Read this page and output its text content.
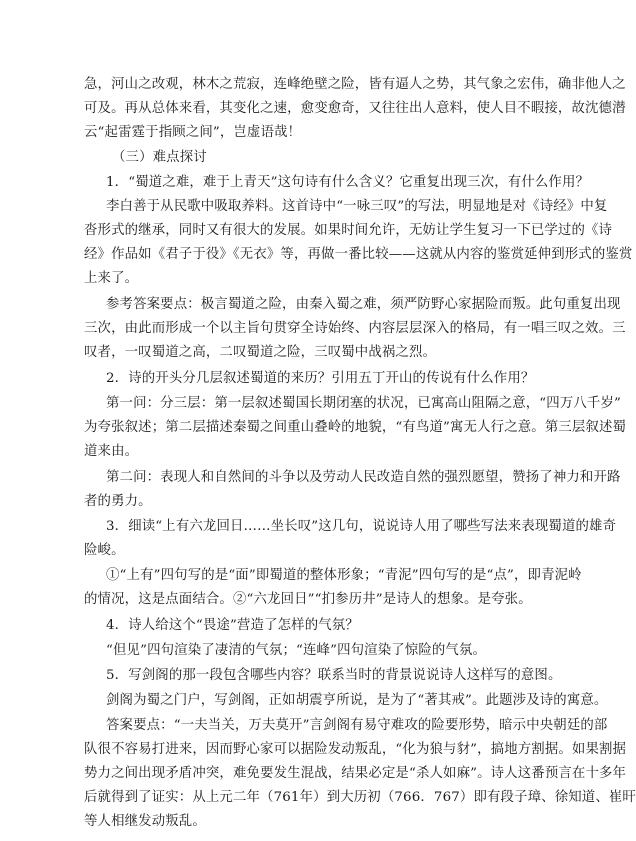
急，河山之改观，林木之荒寂，连峰绝壁之险，皆有逼人之势，其气象之宏伟，确非他人之
可及。再从总体来看，其变化之速，愈变愈奇，又往往出人意料，使人目不暇接，故沈德潜
云“起雷霆于指顾之间”，岂虚语哉！
（三）难点探讨
1．“蜀道之难，难于上青天”这句诗有什么含义？它重复出现三次，有什么作用？
李白善于从民歌中吸取养料。这首诗中“一咏三叹”的写法，明显地是对《诗经》中复
沓形式的继承，同时又有很大的发展。如果时间允许，无妨让学生复习一下已学过的《诗
经》作品如《君子于役》《无衣》等，再做一番比较——这就从内容的鉴赏延伸到形式的鉴赏
上来了。
参考答案要点：极言蜀道之险，由秦入蜀之难，须严防野心家据险而叛。此句重复出现
三次，由此而形成一个以主旨句贯穿全诗始终、内容层层深入的格局，有一唱三叹之效。三
叹者，一叹蜀道之高，二叹蜀道之险，三叹蜀中战祸之烈。
2．诗的开头分几层叙述蜀道的来历？引用五丁开山的传说有什么作用？
第一问：分三层：第一层叙述蜀国长期闭塞的状况，已寓高山阻隔之意，“四万八千岁”
为夸张叙述；第二层描述秦蜀之间重山叠岭的地貌，“有鸟道”寓无人行之意。第三层叙述蜀
道来由。
第二问：表现人和自然间的斗争以及劳动人民改造自然的强烈愿望，赞扬了神力和开路
者的勇力。
3．细读“上有六龙回日……坐长叹”这几句，说说诗人用了哪些写法来表现蜀道的雄奇
险峻。
①“上有”四句写的是“面”即蜀道的整体形象；“青泥”四句写的是“点”，即青泥岭
的情况，这是点面结合。②“六龙回日”“扪参历井”是诗人的想象。是夸张。
4．诗人给这个“畏途”营造了怎样的气氛？
“但见”四句渲染了凄清的气氛；“连峰”四句渲染了惊险的气氛。
5．写剑阁的那一段包含哪些内容？联系当时的背景说说诗人这样写的意图。
剑阁为蜀之门户，写剑阁，正如胡震亨所说，是为了“著其戒”。此题涉及诗的寓意。
答案要点：“一夫当关，万夫莫开”言剑阁有易守难攻的险要形势，暗示中央朝廷的部
队很不容易打进来，因而野心家可以据险发动叛乱，“化为狼与豺”，搞地方割据。如果割据
势力之间出现矛盾冲突，难免要发生混战，结果必定是“杀人如麻”。诗人这番预言在十多年
后就得到了证实：从上元二年（761年）到大历初（766．767）即有段子璋、徐知道、崔旰
等人相继发动叛乱。
